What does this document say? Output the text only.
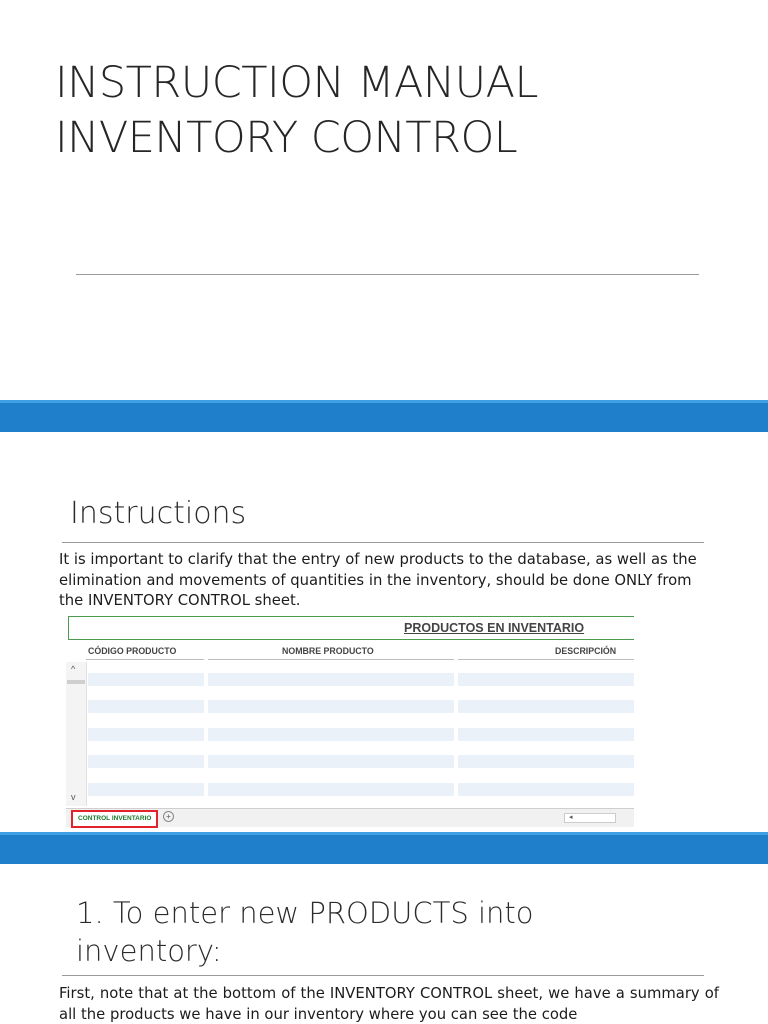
INSTRUCTION MANUAL
INVENTORY CONTROL
Instructions

It is important to clarify that the entry of new products to the database, as well as the elimination and movements of quantities in the inventory, should be done ONLY from the INVENTORY CONTROL sheet.

PRODUCTOS EN INVENTARIO
CÓDIGO PRODUCTO	NOMBRE PRODUCTO	DESCRIPCIÓN
^
v
CONTROL INVENTARIO	+	◂
1. To enter new PRODUCTS into
inventory:

First, note that at the bottom of the INVENTORY CONTROL sheet, we have a summary of all the products we have in our inventory where you can see the code
